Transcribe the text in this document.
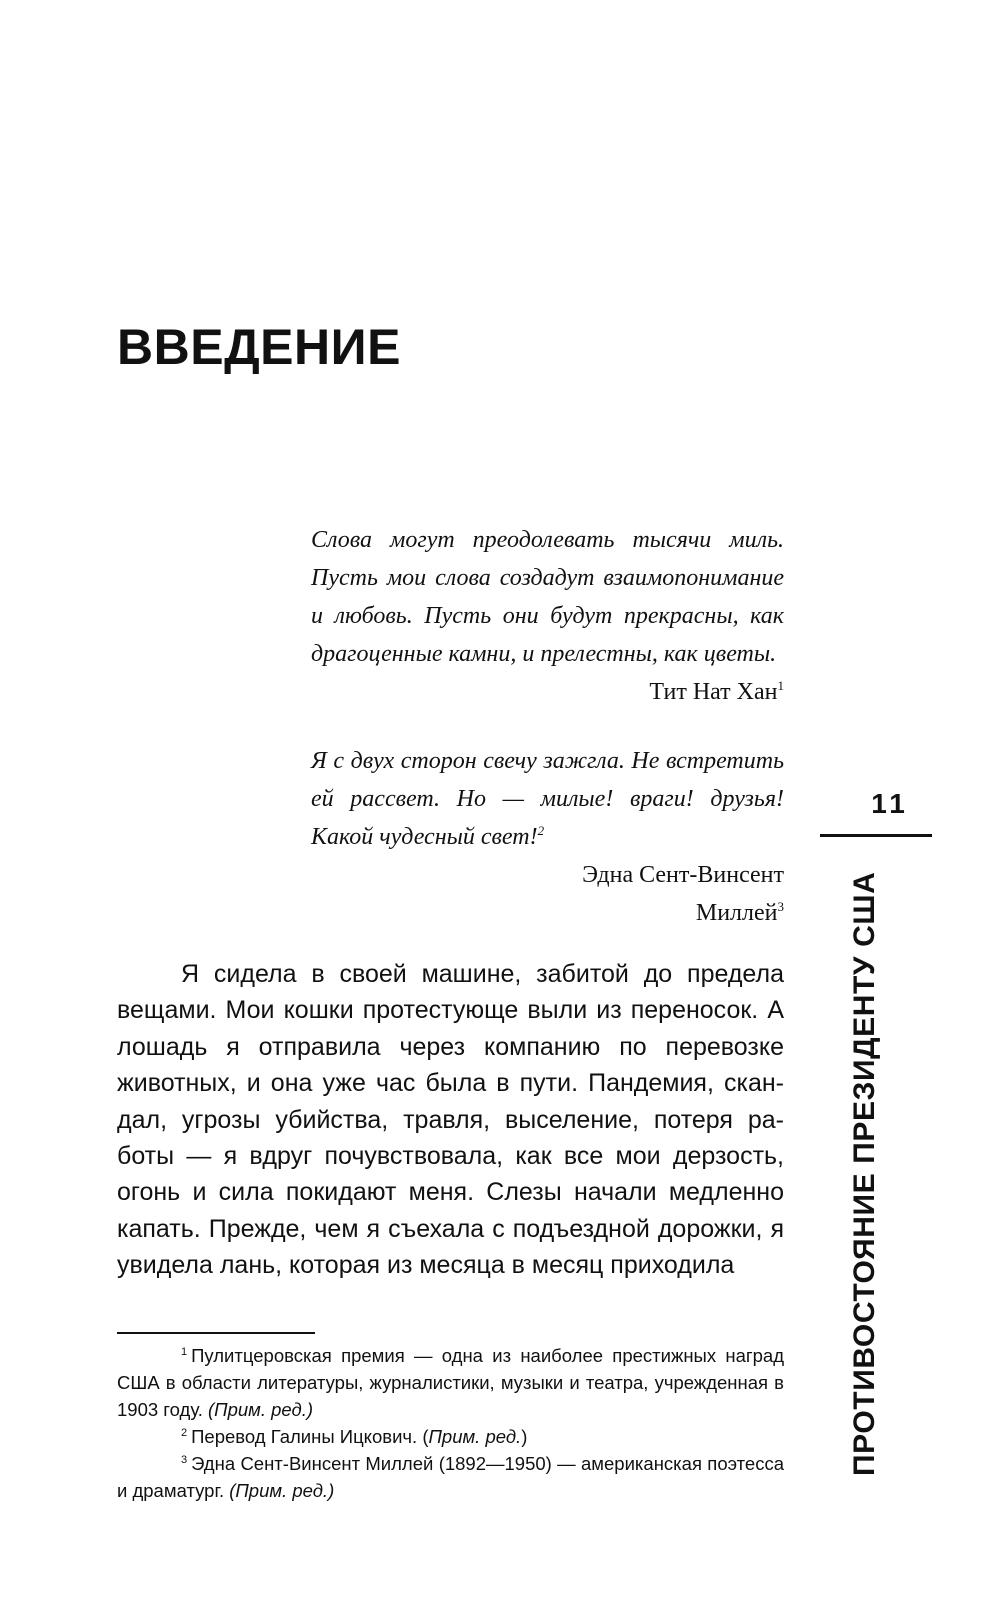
ВВЕДЕНИЕ

Слова могут преодолевать тысячи миль. Пусть мои слова создадут взаимопонимание и любовь. Пусть они будут прекрасны, как драгоценные камни, и прелестны, как цветы.

Тит Нат Хан$^1$

Я с двух сторон свечу зажгла. Не встретить ей рассвет. Но — милые! враги! друзья! Какой чудесный свет!$^2$

Эдна Сент-Винсент

Миллей$^3$

Я сидела в своей машине, забитой до предела вещами. Мои кошки протестующе выли из переносок. А лошадь я отправила через компанию по перевозке животных, и она уже час была в пути. Пандемия, скандал, угрозы убийства, травля, выселение, потеря работы — я вдруг почувствовала, как все мои дерзость, огонь и сила покидают меня. Слезы начали медленно капать. Прежде, чем я съехала с подъездной дорожки, я увидела лань, которая из месяца в месяц приходила

$^1$ Пулитцеровская премия — одна из наиболее престижных наград США в области литературы, журналистики, музыки и театра, учрежденная в 1903 году. (Прим. ред.)

$^2$ Перевод Галины Ицкович. (Прим. ред.)

$^3$ Эдна Сент-Винсент Миллей (1892—1950) — американская поэтесса и драматург. (Прим. ред.)

11
ПРОТИВОСТОЯНИЕ ПРЕЗИДЕНТУ США
